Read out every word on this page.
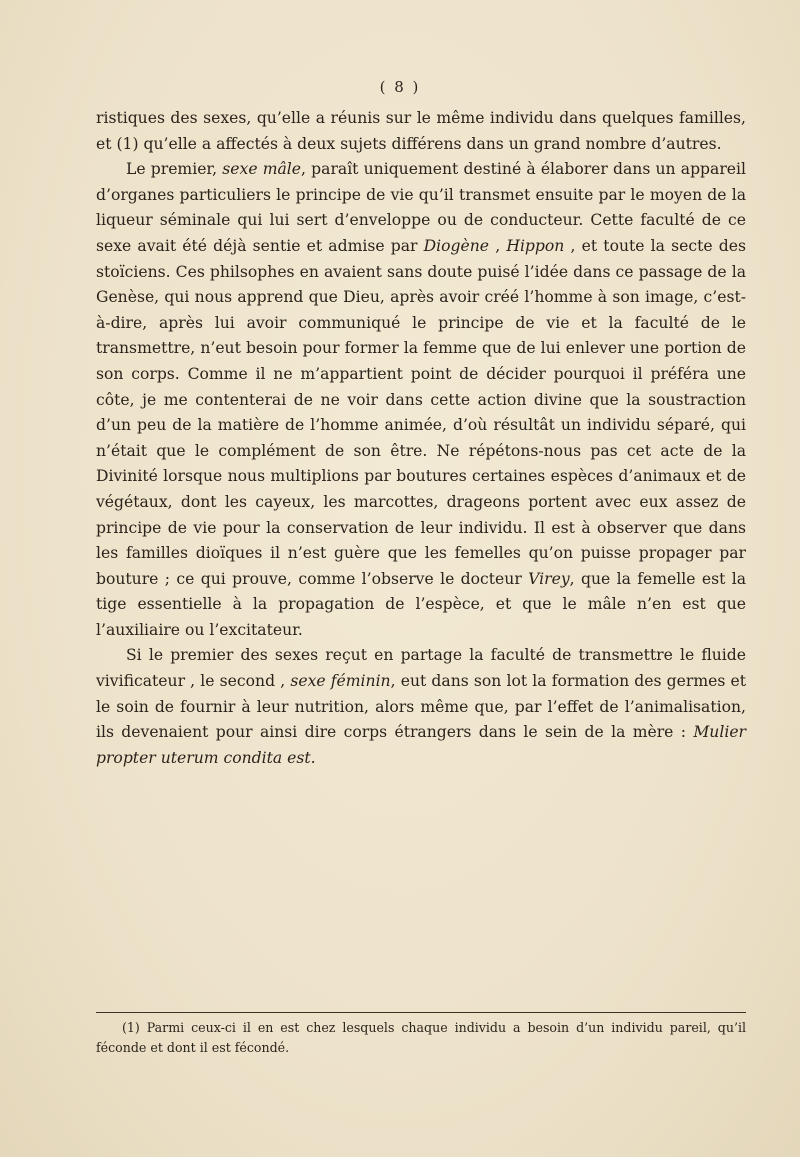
( 8 )

ristiques des sexes, qu’elle a réunis sur le même individu dans quelques familles, et (1) qu’elle a affectés à deux sujets différens dans un grand nombre d’autres.

Le premier, sexe mâle, paraît uniquement destiné à élaborer dans un appareil d’organes particuliers le principe de vie qu’il transmet ensuite par le moyen de la liqueur séminale qui lui sert d’enveloppe ou de conducteur. Cette faculté de ce sexe avait été déjà sentie et admise par Diogène , Hippon , et toute la secte des stoïciens. Ces philsophes en avaient sans doute puisé l’idée dans ce passage de la Genèse, qui nous apprend que Dieu, après avoir créé l’homme à son image, c’est-à-dire, après lui avoir communiqué le principe de vie et la faculté de le transmettre, n’eut besoin pour former la femme que de lui enlever une portion de son corps. Comme il ne m’appartient point de décider pourquoi il préféra une côte, je me contenterai de ne voir dans cette action divine que la soustraction d’un peu de la matière de l’homme animée, d’où résultât un individu séparé, qui n’était que le complément de son être. Ne répétons-nous pas cet acte de la Divinité lorsque nous multiplions par boutures certaines espèces d’animaux et de végétaux, dont les cayeux, les marcottes, drageons portent avec eux assez de principe de vie pour la conservation de leur individu. Il est à observer que dans les familles dioïques il n’est guère que les femelles qu’on puisse propager par bouture ; ce qui prouve, comme l’observe le docteur Virey, que la femelle est la tige essentielle à la propagation de l’espèce, et que le mâle n’en est que l’auxiliaire ou l’excitateur.

Si le premier des sexes reçut en partage la faculté de transmettre le fluide vivificateur , le second , sexe féminin, eut dans son lot la formation des germes et le soin de fournir à leur nutrition, alors même que, par l’effet de l’animalisation, ils devenaient pour ainsi dire corps étrangers dans le sein de la mère : Mulier propter uterum condita est.

(1) Parmi ceux-ci il en est chez lesquels chaque individu a besoin d’un individu pareil, qu’il féconde et dont il est fécondé.
